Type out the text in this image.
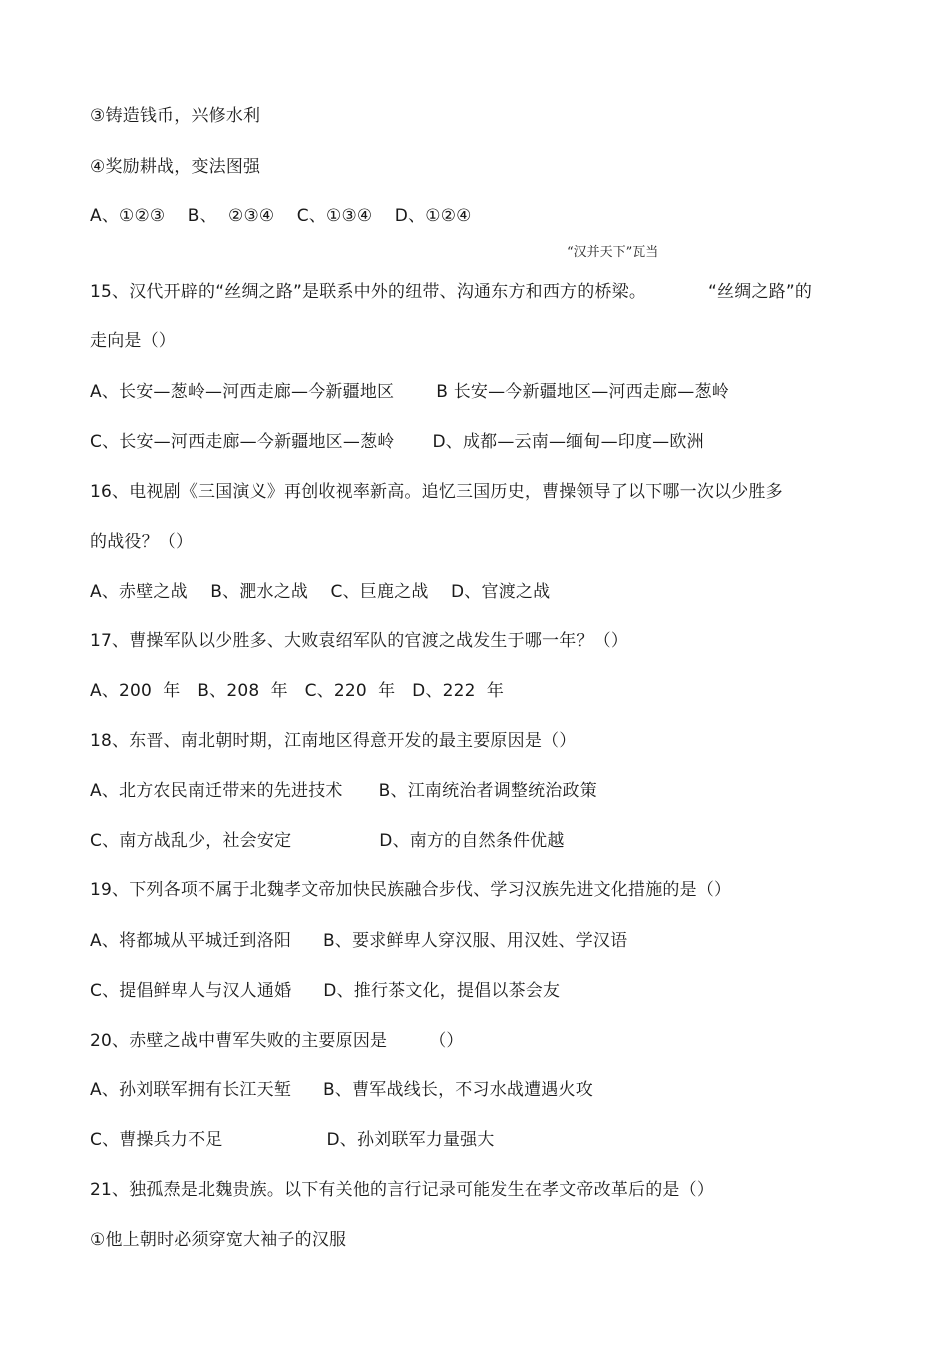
③铸造钱币，兴修水利
④奖励耕战，变法图强
A、①②③    B、  ②③④    C、①③④    D、①②④
“汉并天下”瓦当
15、汉代开辟的“丝绸之路”是联系中外的纽带、沟通东方和西方的桥梁。	“丝绸之路”的
走向是（）
A、长安—葱岭—河西走廊—今新疆地区 B 长安—今新疆地区—河西走廊—葱岭
C、长安—河西走廊—今新疆地区—葱岭 D、成都—云南—缅甸—印度—欧洲
16、电视剧《三国演义》再创收视率新高。追忆三国历史，曹操领导了以下哪一次以少胜多
的战役？（）
A、赤壁之战    B、淝水之战    C、巨鹿之战    D、官渡之战
17、曹操军队以少胜多、大败袁绍军队的官渡之战发生于哪一年？（）
A、200  年   B、208  年   C、220  年   D、222  年
18、东晋、南北朝时期，江南地区得意开发的最主要原因是（）
A、北方农民南迁带来的先进技术 B、江南统治者调整统治政策
C、南方战乱少，社会安定	D、南方的自然条件优越
19、下列各项不属于北魏孝文帝加快民族融合步伐、学习汉族先进文化措施的是（）
A、将都城从平城迁到洛阳 B、要求鲜卑人穿汉服、用汉姓、学汉语
C、提倡鲜卑人与汉人通婚 D、推行茶文化，提倡以茶会友
20、赤壁之战中曹军失败的主要原因是 （）
A、孙刘联军拥有长江天堑 B、曹军战线长，不习水战遭遇火攻
C、曹操兵力不足	D、孙刘联军力量强大
21、独孤焘是北魏贵族。以下有关他的言行记录可能发生在孝文帝改革后的是（）
①他上朝时必须穿宽大袖子的汉服
